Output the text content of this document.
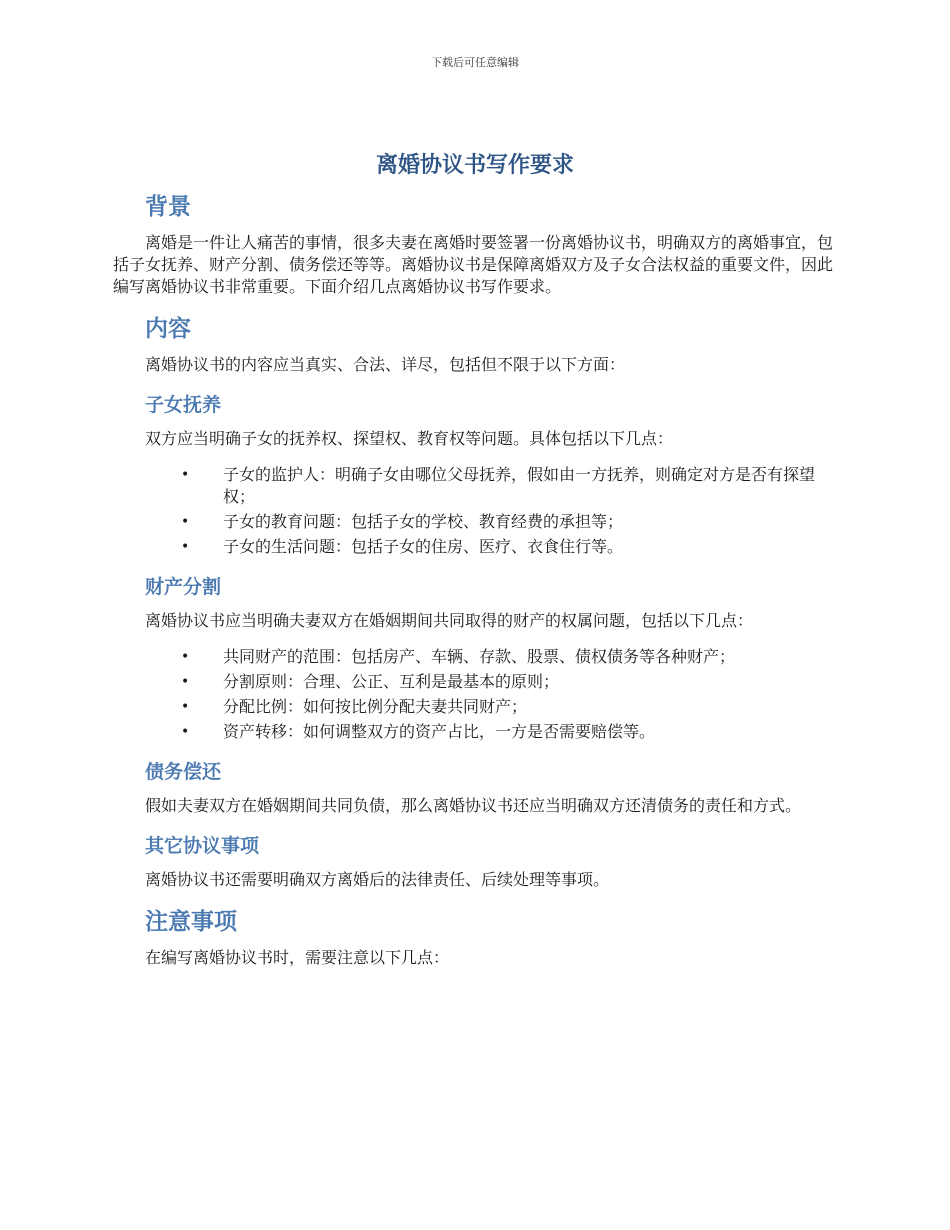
下载后可任意编辑
离婚协议书写作要求
背景

离婚是一件让人痛苦的事情，很多夫妻在离婚时要签署一份离婚协议书，明确双方的离婚事宜，包括子女抚养、财产分割、债务偿还等等。离婚协议书是保障离婚双方及子女合法权益的重要文件，因此编写离婚协议书非常重要。下面介绍几点离婚协议书写作要求。

内容

离婚协议书的内容应当真实、合法、详尽，包括但不限于以下方面：

子女抚养

双方应当明确子女的抚养权、探望权、教育权等问题。具体包括以下几点：

• 子女的监护人：明确子女由哪位父母抚养，假如由一方抚养，则确定对方是否有探望权；
• 子女的教育问题：包括子女的学校、教育经费的承担等；
• 子女的生活问题：包括子女的住房、医疗、衣食住行等。
财产分割

离婚协议书应当明确夫妻双方在婚姻期间共同取得的财产的权属问题，包括以下几点：

• 共同财产的范围：包括房产、车辆、存款、股票、债权债务等各种财产；
• 分割原则：合理、公正、互利是最基本的原则；
• 分配比例：如何按比例分配夫妻共同财产；
• 资产转移：如何调整双方的资产占比，一方是否需要赔偿等。
债务偿还

假如夫妻双方在婚姻期间共同负债，那么离婚协议书还应当明确双方还清债务的责任和方式。

其它协议事项

离婚协议书还需要明确双方离婚后的法律责任、后续处理等事项。

注意事项

在编写离婚协议书时，需要注意以下几点：
